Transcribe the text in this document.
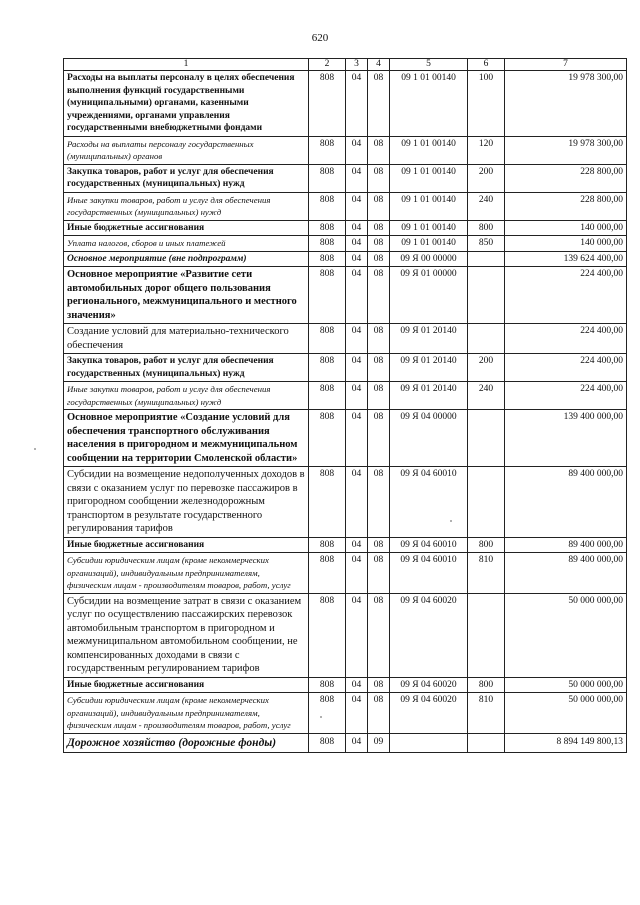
620
1	2	3	4	5	6	7
Расходы на выплаты персоналу в целях обеспечения выполнения функций государственными (муниципальными) органами, казенными учреждениями, органами управления государственными внебюджетными фондами	808	04	08	09 1 01 00140	100	19 978 300,00
Расходы на выплаты персоналу государственных (муниципальных) органов	808	04	08	09 1 01 00140	120	19 978 300,00
Закупка товаров, работ и услуг для обеспечения государственных (муниципальных) нужд	808	04	08	09 1 01 00140	200	228 800,00
Иные закупки товаров, работ и услуг для обеспечения государственных (муниципальных) нужд	808	04	08	09 1 01 00140	240	228 800,00
Иные бюджетные ассигнования	808	04	08	09 1 01 00140	800	140 000,00
Уплата налогов, сборов и иных платежей	808	04	08	09 1 01 00140	850	140 000,00
Основное мероприятие (вне подпрограмм)	808	04	08	09 Я 00 00000		139 624 400,00
Основное мероприятие «Развитие сети автомобильных дорог общего пользования регионального, межмуниципального и местного значения»	808	04	08	09 Я 01 00000		224 400,00
Создание условий для материально-технического обеспечения	808	04	08	09 Я 01 20140		224 400,00
Закупка товаров, работ и услуг для обеспечения государственных (муниципальных) нужд	808	04	08	09 Я 01 20140	200	224 400,00
Иные закупки товаров, работ и услуг для обеспечения государственных (муниципальных) нужд	808	04	08	09 Я 01 20140	240	224 400,00
Основное мероприятие «Создание условий для обеспечения транспортного обслуживания населения в пригородном и межмуниципальном сообщении на территории Смоленской области»	808	04	08	09 Я 04 00000		139 400 000,00
Субсидии на возмещение недополученных доходов в связи с оказанием услуг по перевозке пассажиров в пригородном сообщении железнодорожным транспортом в результате государственного регулирования тарифов	808	04	08	09 Я 04 60010		89 400 000,00
Иные бюджетные ассигнования	808	04	08	09 Я 04 60010	800	89 400 000,00
Субсидии юридическим лицам (кроме некоммерческих организаций), индивидуальным предпринимателям, физическим лицам - производителям товаров, работ, услуг	808	04	08	09 Я 04 60010	810	89 400 000,00
Субсидии на возмещение затрат в связи с оказанием услуг по осуществлению пассажирских перевозок автомобильным транспортом в пригородном и межмуниципальном автомобильном сообщении, не компенсированных доходами в связи с государственным регулированием тарифов	808	04	08	09 Я 04 60020		50 000 000,00
Иные бюджетные ассигнования	808	04	08	09 Я 04 60020	800	50 000 000,00
Субсидии юридическим лицам (кроме некоммерческих организаций), индивидуальным предпринимателям, физическим лицам - производителям товаров, работ, услуг	808	04	08	09 Я 04 60020	810	50 000 000,00
Дорожное хозяйство (дорожные фонды)	808	04	09			8 894 149 800,13
